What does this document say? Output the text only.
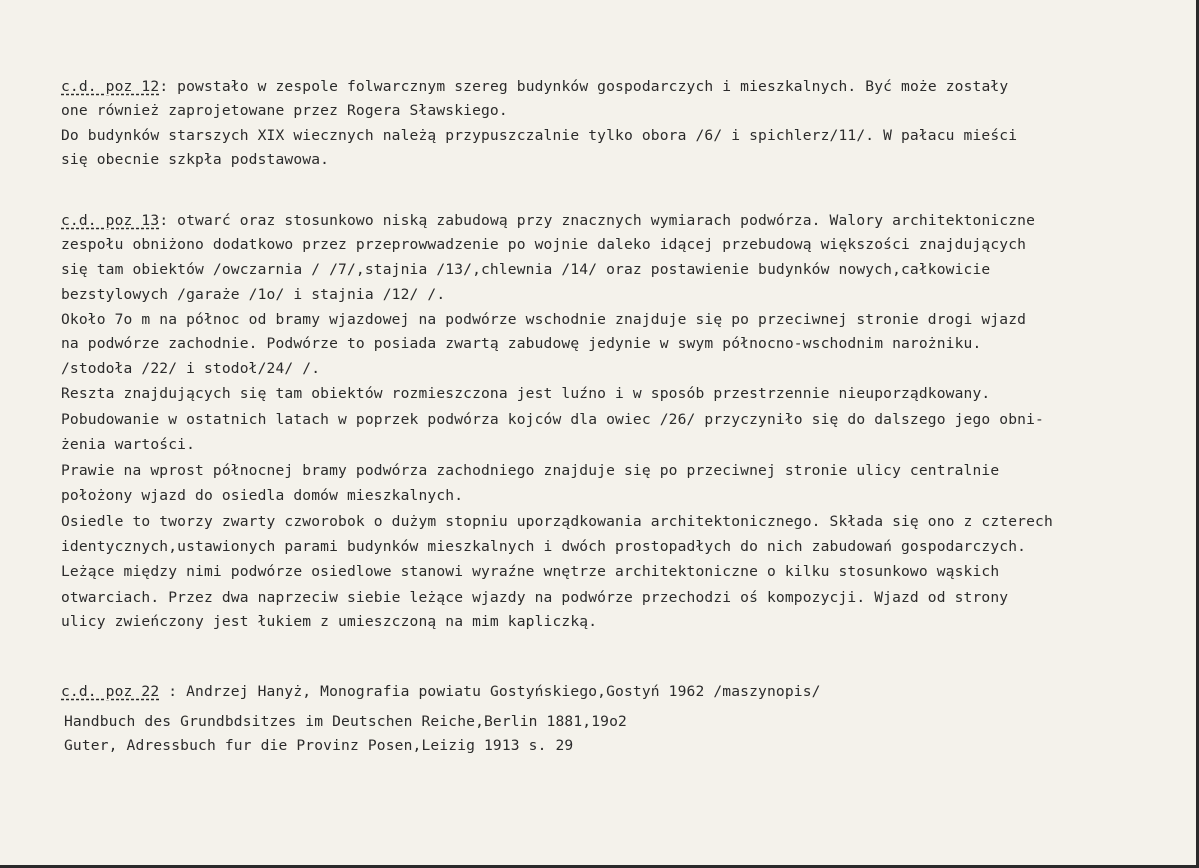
c.d. poz 12: powstało w zespole folwarcznym szereg budynków gospodarczych i mieszkalnych. Być może zostały
one również zaprojetowane przez Rogera Sławskiego.
Do budynków starszych XIX wiecznych należą przypuszczalnie tylko obora /6/ i spichlerz/11/. W pałacu mieści
się obecnie szkpła podstawowa.
c.d. poz 13: otwarć oraz stosunkowo niską zabudową przy znacznych wymiarach podwórza. Walory architektoniczne
zespołu obniżono dodatkowo przez przeprowwadzenie po wojnie daleko idącej przebudową większości znajdujących
się tam obiektów /owczarnia / /7/,stajnia /13/,chlewnia /14/ oraz postawienie budynków nowych,całkowicie
bezstylowych /garaże /1o/ i stajnia /12/ /.
Około 7o m na północ od bramy wjazdowej na podwórze wschodnie znajduje się po przeciwnej stronie drogi wjazd
na podwórze zachodnie. Podwórze to posiada zwartą zabudowę jedynie w swym północno-wschodnim narożniku.
/stodoła /22/ i stodoł/24/ /.
Reszta znajdujących się tam obiektów rozmieszczona jest luźno i w sposób przestrzennie nieuporządkowany.
Pobudowanie w ostatnich latach w poprzek podwórza kojców dla owiec /26/ przyczyniło się do dalszego jego obni-
żenia wartości.
Prawie na wprost północnej bramy podwórza zachodniego znajduje się po przeciwnej stronie ulicy centralnie
położony wjazd do osiedla domów mieszkalnych.
Osiedle to tworzy zwarty czworobok o dużym stopniu uporządkowania architektonicznego. Składa się ono z czterech
identycznych,ustawionych parami budynków mieszkalnych i dwóch prostopadłych do nich zabudowań gospodarczych.
Leżące między nimi podwórze osiedlowe stanowi wyraźne wnętrze architektoniczne o kilku stosunkowo wąskich
otwarciach. Przez dwa naprzeciw siebie leżące wjazdy na podwórze przechodzi oś kompozycji. Wjazd od strony
ulicy zwieńczony jest łukiem z umieszczoną na mim kapliczką.
c.d. poz 22 : Andrzej Hanyż, Monografia powiatu Gostyńskiego,Gostyń 1962 /maszynopis/
Handbuch des Grundbdsitzes im Deutschen Reiche,Berlin 1881,19o2
Guter, Adressbuch fur die Provinz Posen,Leizig 1913 s. 29
